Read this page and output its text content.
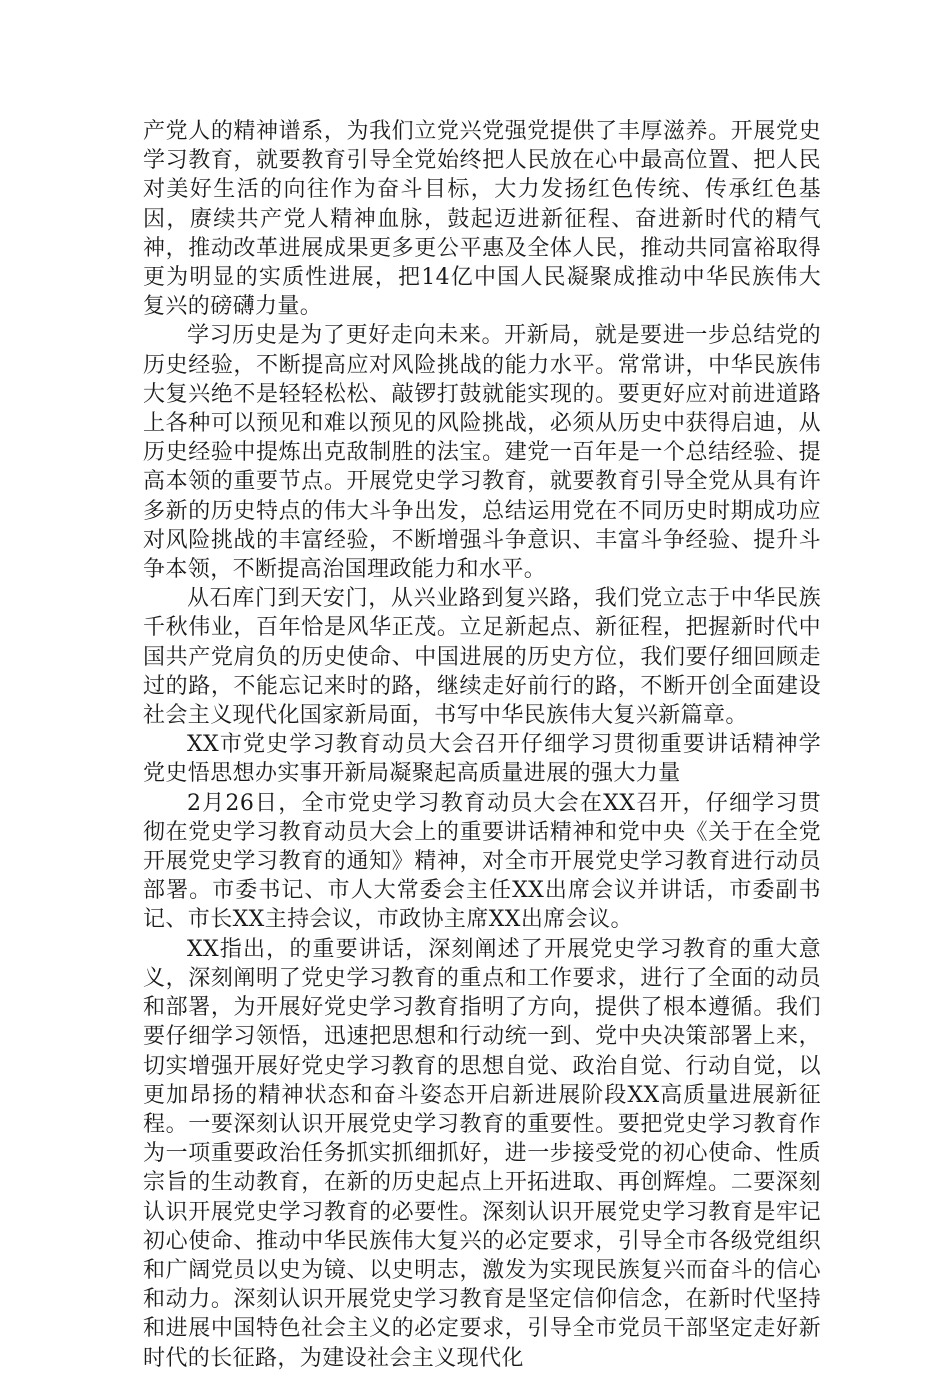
产党人的精神谱系，为我们立党兴党强党提供了丰厚滋养。开展党史学习教育，就要教育引导全党始终把人民放在心中最高位置、把人民对美好生活的向往作为奋斗目标，大力发扬红色传统、传承红色基因，赓续共产党人精神血脉，鼓起迈进新征程、奋进新时代的精气神，推动改革进展成果更多更公平惠及全体人民，推动共同富裕取得更为明显的实质性进展，把14亿中国人民凝聚成推动中华民族伟大复兴的磅礴力量。

学习历史是为了更好走向未来。开新局，就是要进一步总结党的历史经验，不断提高应对风险挑战的能力水平。常常讲，中华民族伟大复兴绝不是轻轻松松、敲锣打鼓就能实现的。要更好应对前进道路上各种可以预见和难以预见的风险挑战，必须从历史中获得启迪，从历史经验中提炼出克敌制胜的法宝。建党一百年是一个总结经验、提高本领的重要节点。开展党史学习教育，就要教育引导全党从具有许多新的历史特点的伟大斗争出发，总结运用党在不同历史时期成功应对风险挑战的丰富经验，不断增强斗争意识、丰富斗争经验、提升斗争本领，不断提高治国理政能力和水平。

从石库门到天安门，从兴业路到复兴路，我们党立志于中华民族千秋伟业，百年恰是风华正茂。立足新起点、新征程，把握新时代中国共产党肩负的历史使命、中国进展的历史方位，我们要仔细回顾走过的路，不能忘记来时的路，继续走好前行的路，不断开创全面建设社会主义现代化国家新局面，书写中华民族伟大复兴新篇章。

XX市党史学习教育动员大会召开仔细学习贯彻重要讲话精神学党史悟思想办实事开新局凝聚起高质量进展的强大力量

2月26日，全市党史学习教育动员大会在XX召开，仔细学习贯彻在党史学习教育动员大会上的重要讲话精神和党中央《关于在全党开展党史学习教育的通知》精神，对全市开展党史学习教育进行动员部署。市委书记、市人大常委会主任XX出席会议并讲话，市委副书记、市长XX主持会议，市政协主席XX出席会议。

XX指出，的重要讲话，深刻阐述了开展党史学习教育的重大意义，深刻阐明了党史学习教育的重点和工作要求，进行了全面的动员和部署，为开展好党史学习教育指明了方向，提供了根本遵循。我们要仔细学习领悟，迅速把思想和行动统一到、党中央决策部署上来，切实增强开展好党史学习教育的思想自觉、政治自觉、行动自觉，以更加昂扬的精神状态和奋斗姿态开启新进展阶段XX高质量进展新征程。一要深刻认识开展党史学习教育的重要性。要把党史学习教育作为一项重要政治任务抓实抓细抓好，进一步接受党的初心使命、性质宗旨的生动教育，在新的历史起点上开拓进取、再创辉煌。二要深刻认识开展党史学习教育的必要性。深刻认识开展党史学习教育是牢记初心使命、推动中华民族伟大复兴的必定要求，引导全市各级党组织和广阔党员以史为镜、以史明志，激发为实现民族复兴而奋斗的信心和动力。深刻认识开展党史学习教育是坚定信仰信念，在新时代坚持和进展中国特色社会主义的必定要求，引导全市党员干部坚定走好新时代的长征路，为建设社会主义现代化
